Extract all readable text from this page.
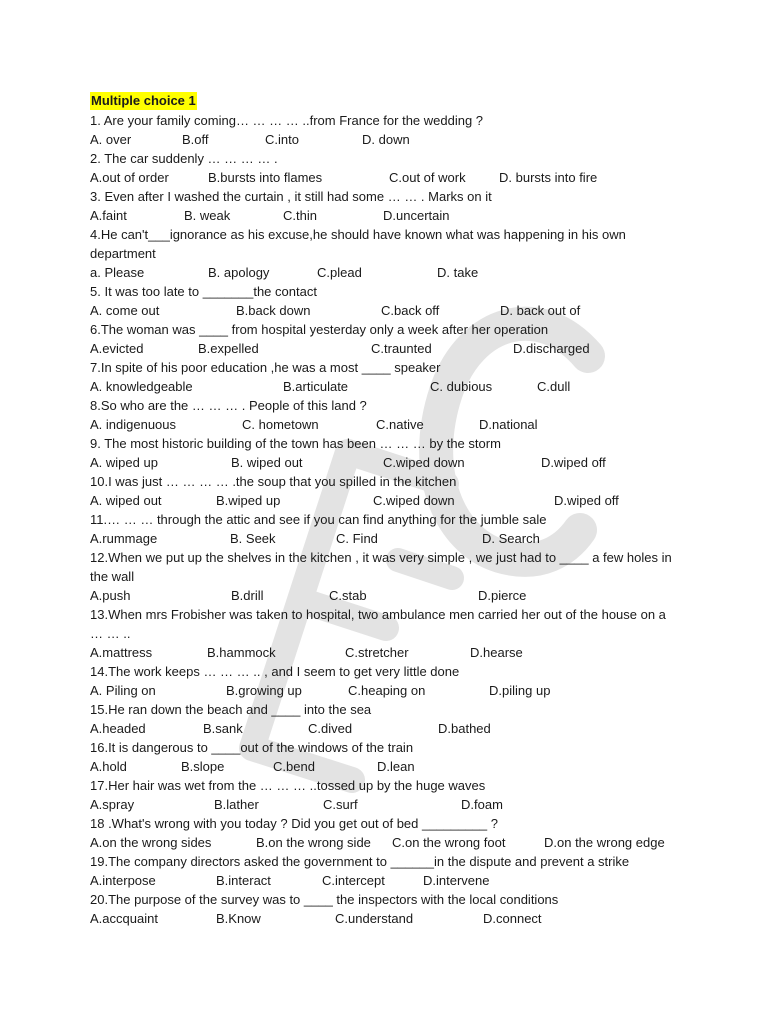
Multiple choice 1
1. Are your family coming… … … … ..from France for the wedding ?
A. over	B.off	C.into	D. down
2. The car suddenly … … … … .
A.out of order	B.bursts into flames	C.out of work	D. bursts into fire
3. Even after I washed the curtain , it still had some … … . Marks on it
A.faint	B. weak	C.thin	D.uncertain
4.He can't___ignorance as his excuse,he should have known what was happening in his own department
a. Please	B. apology	C.plead	D. take
5. It was too late to _______the contact
A. come out	B.back down	C.back off	D. back out of
6.The woman was ____ from hospital yesterday only a week after her operation
A.evicted	B.expelled	C.traunted	D.discharged
7.In spite of his poor education ,he was a most ____ speaker
A. knowledgeable	B.articulate	C. dubious	C.dull
8.So who are the … … … . People of this land ?
A. indigenuous	C. hometown	C.native	D.national
9. The most historic building of the town has been … … … by the storm
A. wiped up	B. wiped out	C.wiped down	D.wiped off
10.I was just … … … … .the soup that you spilled in the kitchen
A. wiped out	B.wiped up	C.wiped down	D.wiped off
11.… … … through the attic and see if you can find anything for the jumble sale
A.rummage	B. Seek	C. Find	D. Search
12.When we put up the shelves in the kitchen , it was very simple , we just had to ____ a few holes in the wall
A.push	B.drill	C.stab	D.pierce
13.When mrs Frobisher was taken to hospital, two ambulance men carried her out of the house on a … … ..
A.mattress	B.hammock	C.stretcher	D.hearse
14.The work keeps … … … .. , and I seem to get very little done
A. Piling on	B.growing up	C.heaping on	D.piling up
15.He ran down the beach and ____ into the sea
A.headed	B.sank	C.dived	D.bathed
16.It is dangerous to ____out of the windows of the train
A.hold	B.slope	C.bend	D.lean
17.Her hair was wet from the … … … ..tossed up by the huge waves
A.spray	B.lather	C.surf	D.foam
18 .What's wrong with you today ? Did you get out of bed _________ ?
A.on the wrong sides	B.on the wrong side C.on the wrong foot	D.on the wrong edge
19.The company directors asked the government to ______in the dispute and prevent a strike
A.interpose	B.interact	C.intercept	D.intervene
20.The purpose of the survey was to ____ the inspectors with the local conditions
A.accquaint	B.Know	C.understand	D.connect
